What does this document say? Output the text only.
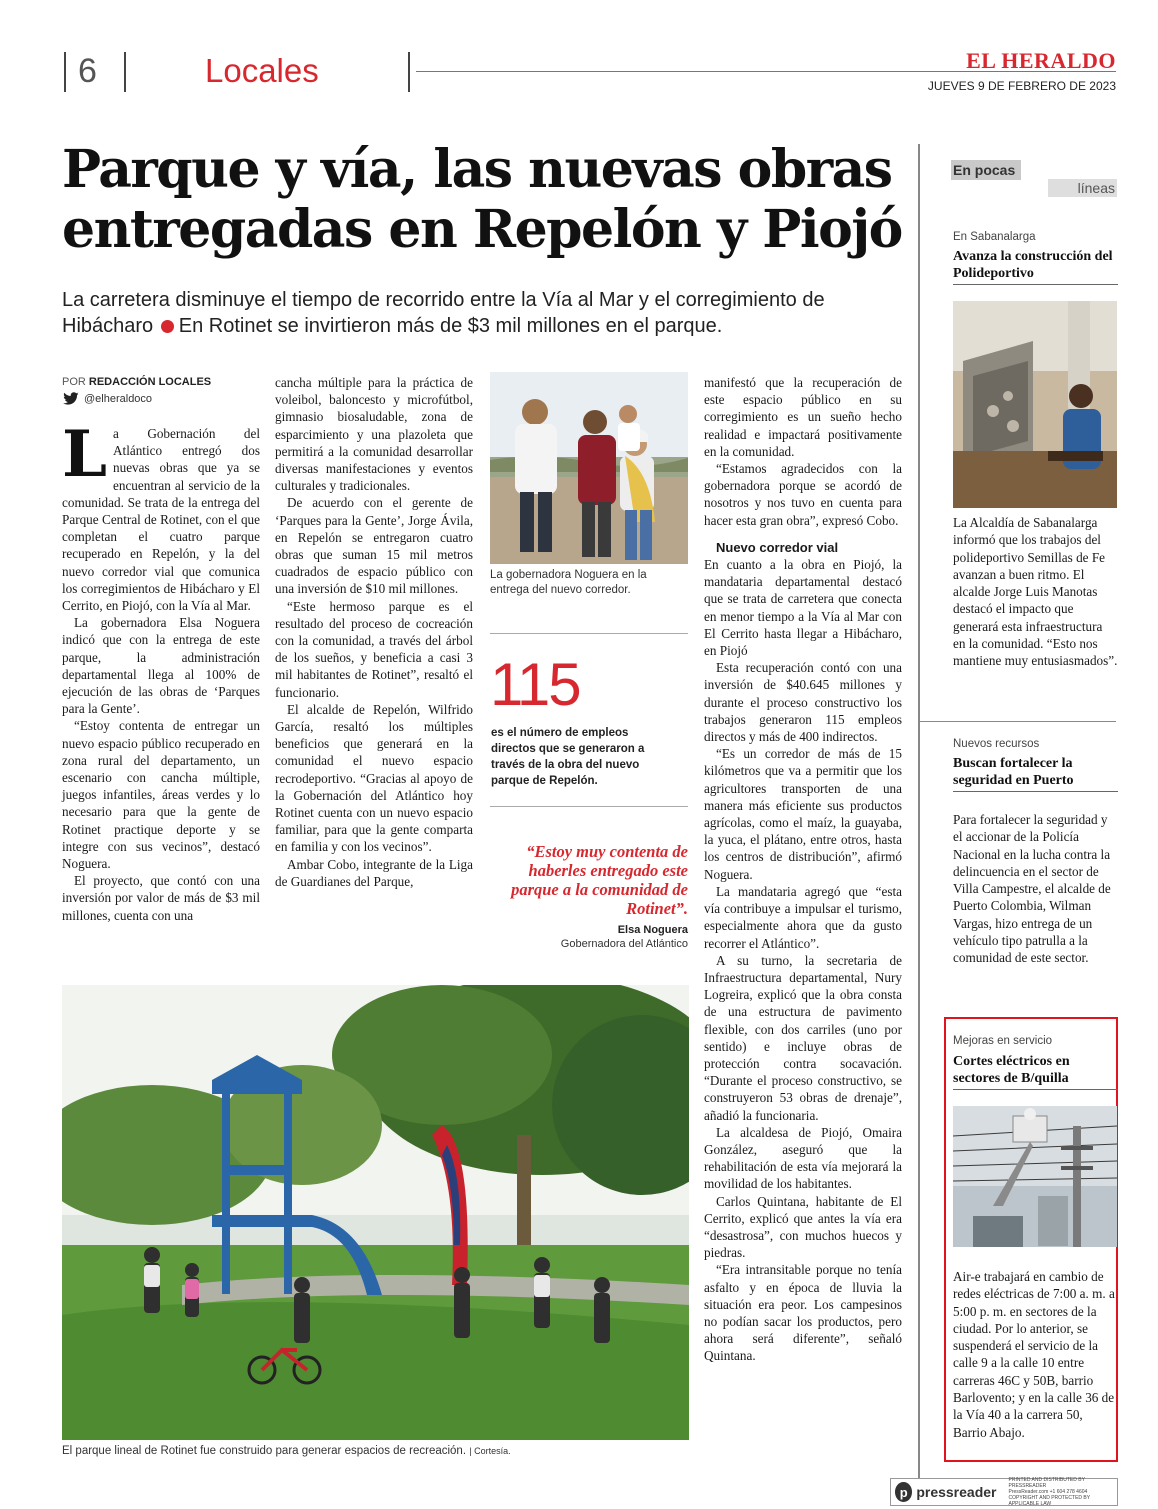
6	Locales	EL HERALDO
JUEVES 9 DE FEBRERO DE 2023
Parque y vía, las nuevas obras entregadas en Repelón y Piojó
La carretera disminuye el tiempo de recorrido entre la Vía al Mar y el corregimiento de Hibácharo En Rotinet se invirtieron más de $3 mil millones en el parque.
POR REDACCIÓN LOCALES
@elheraldoco

La Gobernación del Atlántico entregó dos nuevas obras que ya se encuentran al servicio de la comunidad. Se trata de la entrega del Parque Central de Rotinet, con el que completan el cuatro parque recuperado en Repelón, y la del nuevo corredor vial que comunica los corregimientos de Hibácharo y El Cerrito, en Piojó, con la Vía al Mar.

La gobernadora Elsa Noguera indicó que con la entrega de este parque, la administración departamental llega al 100% de ejecución de las obras de ‘Parques para la Gente’.

“Estoy contenta de entregar un nuevo espacio público recuperado en zona rural del departamento, un escenario con cancha múltiple, juegos infantiles, áreas verdes y lo necesario para que la gente de Rotinet practique deporte y se integre con sus vecinos”, destacó Noguera.

El proyecto, que contó con una inversión por valor de más de $3 mil millones, cuenta con una

cancha múltiple para la práctica de voleibol, baloncesto y microfútbol, gimnasio biosaludable, zona de esparcimiento y una plazoleta que permitirá a la comunidad desarrollar diversas manifestaciones y eventos culturales y tradicionales.

De acuerdo con el gerente de ‘Parques para la Gente’, Jorge Ávila, en Repelón se entregaron cuatro obras que suman 15 mil metros cuadrados de espacio público con una inversión de $10 mil millones.

“Este hermoso parque es el resultado del proceso de cocreación con la comunidad, a través del árbol de los sueños, y beneficia a casi 3 mil habitantes de Rotinet”, resaltó el funcionario.

El alcalde de Repelón, Wilfrido García, resaltó los múltiples beneficios que generará en la comunidad el nuevo espacio recrodeportivo. “Gracias al apoyo de la Gobernación del Atlántico hoy Rotinet cuenta con un nuevo espacio familiar, para que la gente comparta en familia y con los vecinos”.

Ambar Cobo, integrante de la Liga de Guardianes del Parque,

La gobernadora Noguera en la entrega del nuevo corredor.
115
es el número de empleos directos que se generaron a través de la obra del nuevo parque de Repelón.
“Estoy muy contenta de haberles entregado este parque a la comunidad de Rotinet”.
Elsa Noguera
Gobernadora del Atlántico

manifestó que la recuperación de este espacio público en su corregimiento es un sueño hecho realidad e impactará positivamente en la comunidad.

“Estamos agradecidos con la gobernadora porque se acordó de nosotros y nos tuvo en cuenta para hacer esta gran obra”, expresó Cobo.

Nuevo corredor vial

En cuanto a la obra en Piojó, la mandataria departamental destacó que se trata de carretera que conecta en menor tiempo a la Vía al Mar con El Cerrito hasta llegar a Hibácharo, en Piojó

Esta recuperación contó con una inversión de $40.645 millones y durante el proceso constructivo los trabajos generaron 115 empleos directos y más de 400 indirectos.

“Es un corredor de más de 15 kilómetros que va a permitir que los agricultores transporten de una manera más eficiente sus productos agrícolas, como el maíz, la guayaba, la yuca, el plátano, entre otros, hasta los centros de distribución”, afirmó Noguera.

La mandataria agregó que “esta vía contribuye a impulsar el turismo, especialmente ahora que da gusto recorrer el Atlántico”.

A su turno, la secretaria de Infraestructura departamental, Nury Logreira, explicó que la obra consta de una estructura de pavimento flexible, con dos carriles (uno por sentido) e incluye obras de protección contra socavación. “Durante el proceso constructivo, se construyeron 53 obras de drenaje”, añadió la funcionaria.

La alcaldesa de Piojó, Omaira González, aseguró que la rehabilitación de esta vía mejorará la movilidad de los habitantes.

Carlos Quintana, habitante de El Cerrito, explicó que antes la vía era “desastrosa”, con muchos huecos y piedras.

“Era intransitable porque no tenía asfalto y en época de lluvia la situación era peor. Los campesinos no podían sacar los productos, pero ahora será diferente”, señaló Quintana.

El parque lineal de Rotinet fue construido para generar espacios de recreación. | Cortesía.
En pocas
líneas
En Sabanalarga
Avanza la construcción del Polideportivo
La Alcaldía de Sabanalarga informó que los trabajos del polideportivo Semillas de Fe avanzan a buen ritmo. El alcalde Jorge Luis Manotas destacó el impacto que generará esta infraestructura en la comunidad. “Esto nos mantiene muy entusiasmados”.
Nuevos recursos
Buscan fortalecer la seguridad en Puerto
Para fortalecer la seguridad y el accionar de la Policía Nacional en la lucha contra la delincuencia en el sector de Villa Campestre, el alcalde de Puerto Colombia, Wilman Vargas, hizo entrega de un vehículo tipo patrulla a la comunidad de este sector.
Mejoras en servicio
Cortes eléctricos en sectores de B/quilla
Air-e trabajará en cambio de redes eléctricas de 7:00 a. m. a 5:00 p. m. en sectores de la ciudad. Por lo anterior, se suspenderá el servicio de la calle 9 a la calle 10 entre carreras 46C y 50B, barrio Barlovento; y en la calle 36 de la Vía 40 a la carrera 50, Barrio Abajo.
p pressreader
PRINTED AND DISTRIBUTED BY PRESSREADER
PressReader.com +1 604 278 4604
COPYRIGHT AND PROTECTED BY APPLICABLE LAW
